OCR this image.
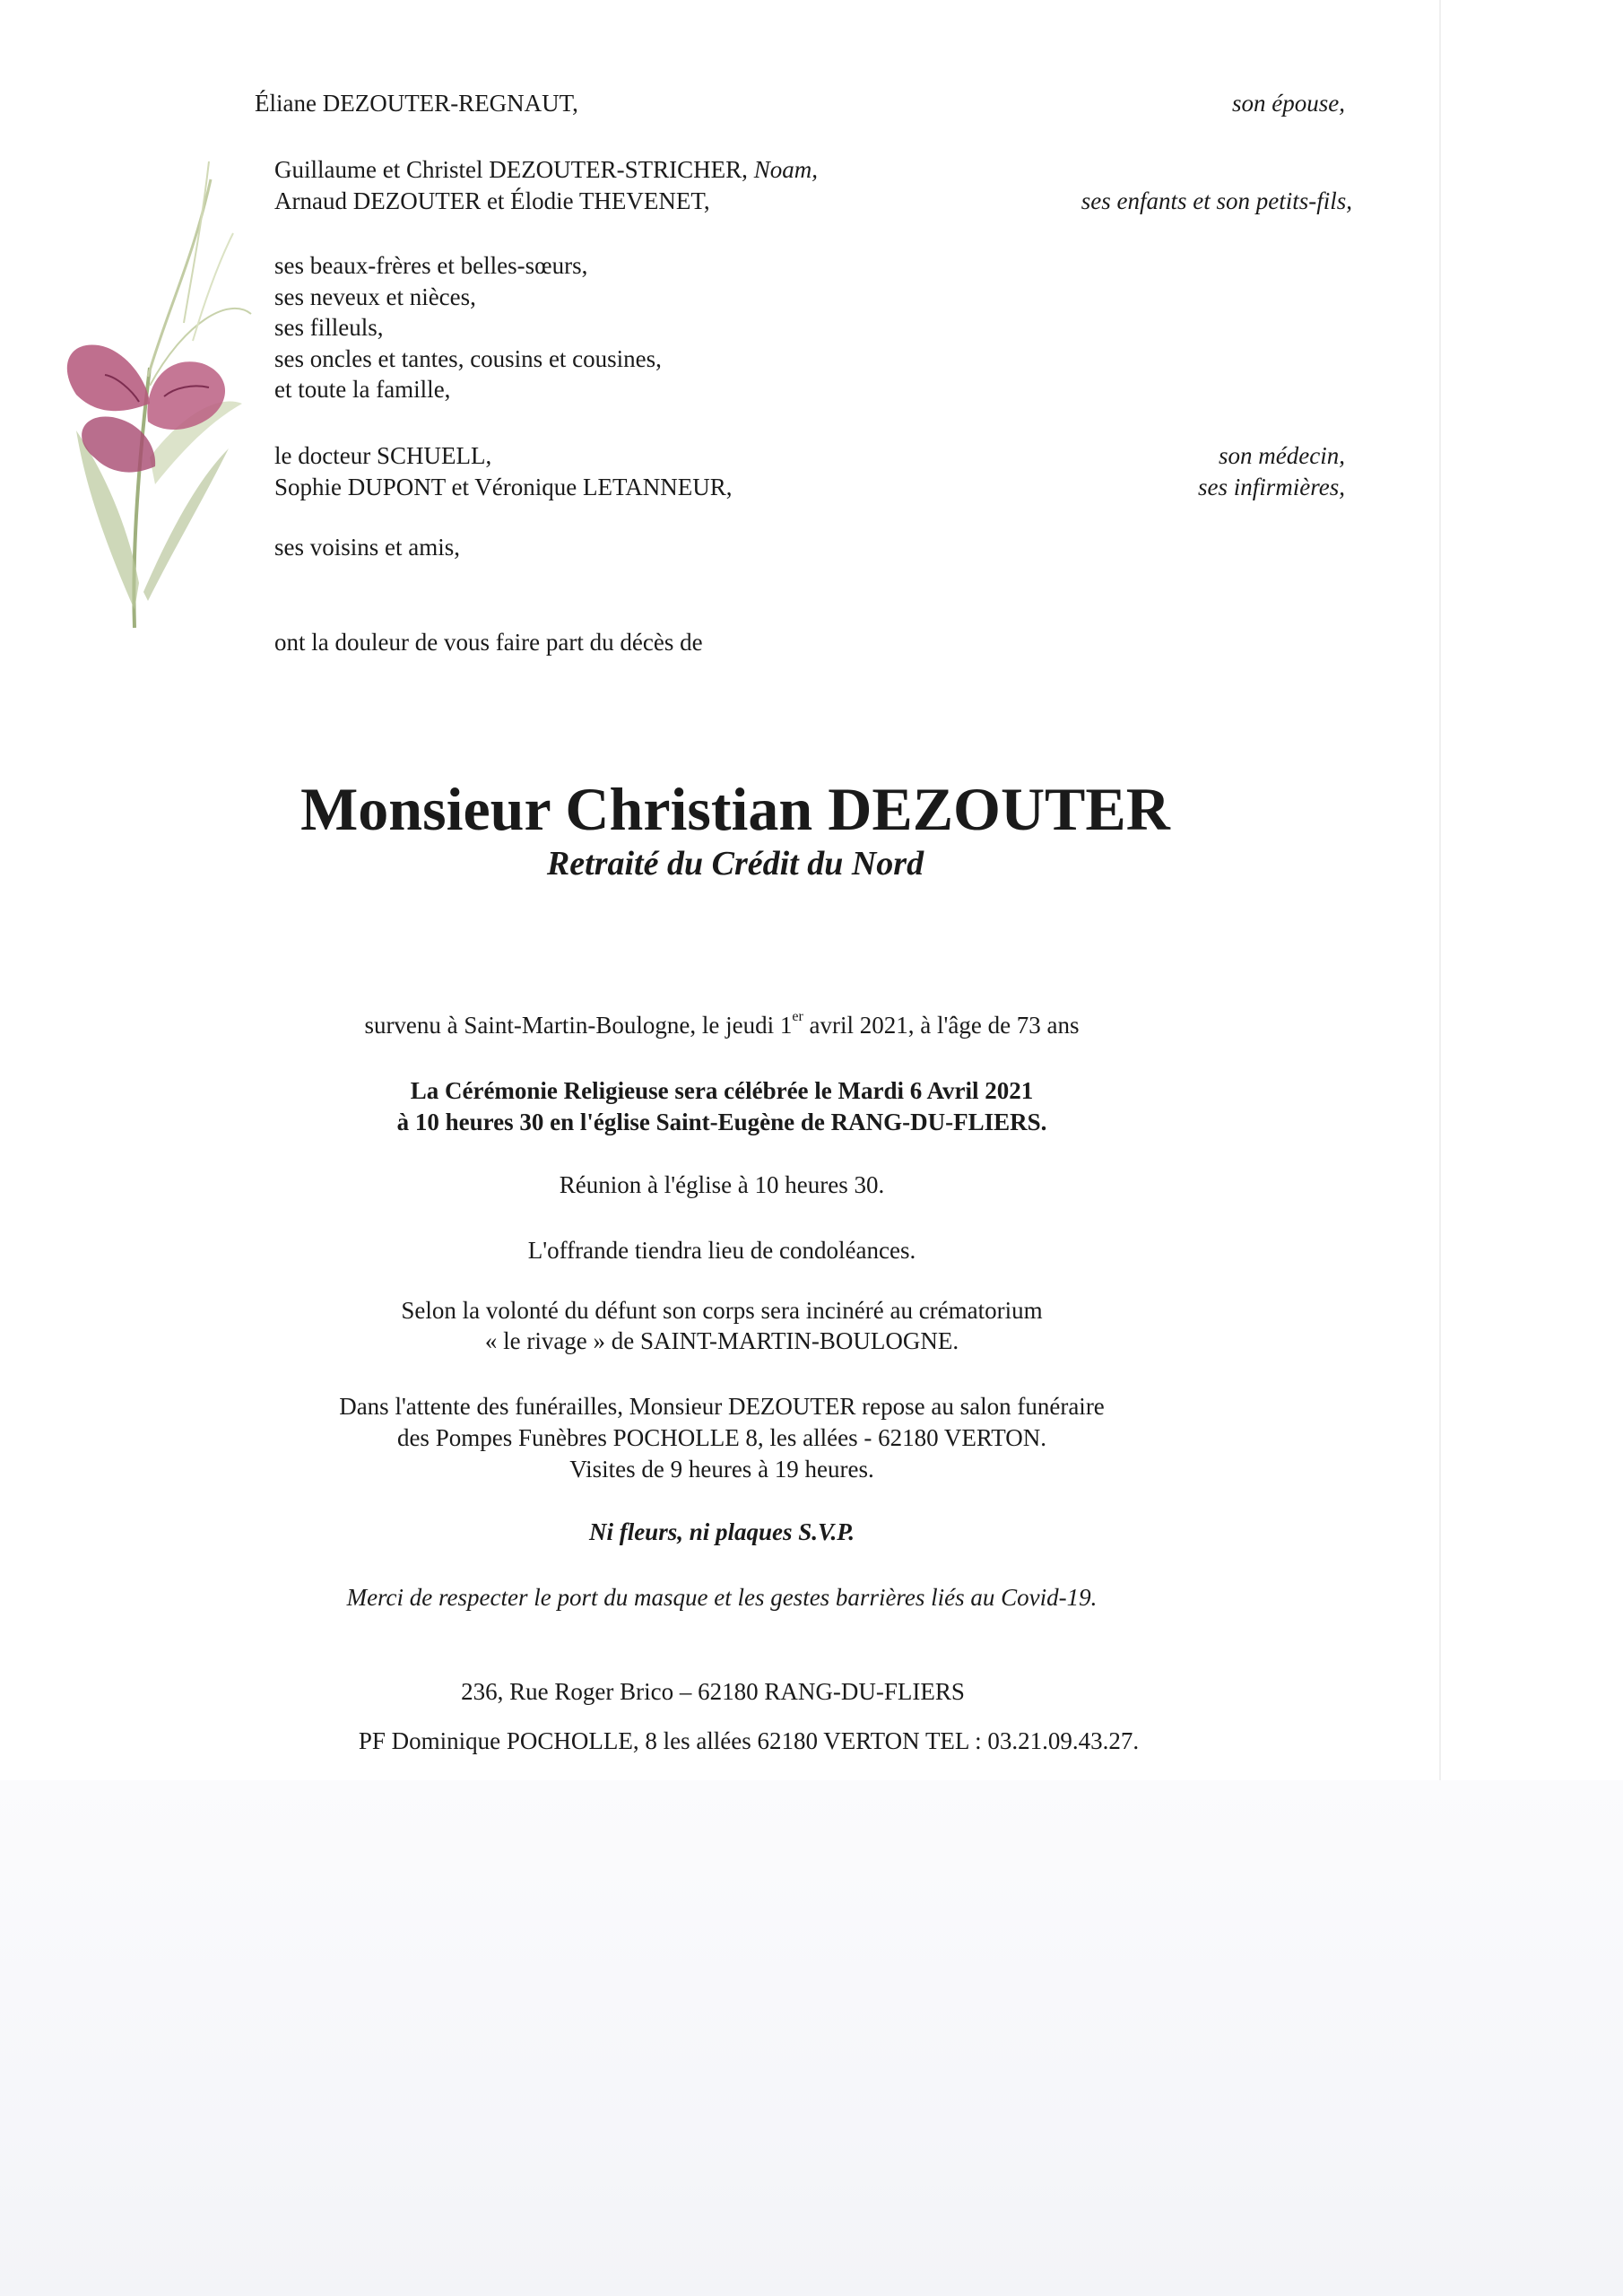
Éliane DEZOUTER-REGNAUT,	son épouse,
Guillaume et Christel DEZOUTER-STRICHER, Noam,
Arnaud DEZOUTER et Élodie THEVENET,	ses enfants et son petits-fils,
ses beaux-frères et belles-sœurs,
ses neveux et nièces,
ses filleuls,
ses oncles et tantes, cousins et cousines,
et toute la famille,
le docteur SCHUELL,	son médecin,
Sophie DUPONT et Véronique LETANNEUR,	ses infirmières,
ses voisins et amis,
ont la douleur de vous faire part du décès de
Monsieur Christian DEZOUTER
Retraité du Crédit du Nord
survenu à Saint-Martin-Boulogne, le jeudi 1er avril 2021, à l'âge de 73 ans
La Cérémonie Religieuse sera célébrée le Mardi 6 Avril 2021
à 10 heures 30 en l'église Saint-Eugène de RANG-DU-FLIERS.
Réunion à l'église à 10 heures 30.
L'offrande tiendra lieu de condoléances.
Selon la volonté du défunt son corps sera incinéré au crématorium
« le rivage » de SAINT-MARTIN-BOULOGNE.
Dans l'attente des funérailles, Monsieur DEZOUTER repose au salon funéraire
des Pompes Funèbres POCHOLLE 8, les allées - 62180 VERTON.
Visites de 9 heures à 19 heures.
Ni fleurs, ni plaques S.V.P.
Merci de respecter le port du masque et les gestes barrières liés au Covid-19.
236, Rue Roger Brico – 62180 RANG-DU-FLIERS
PF Dominique POCHOLLE, 8 les allées 62180 VERTON TEL : 03.21.09.43.27.
